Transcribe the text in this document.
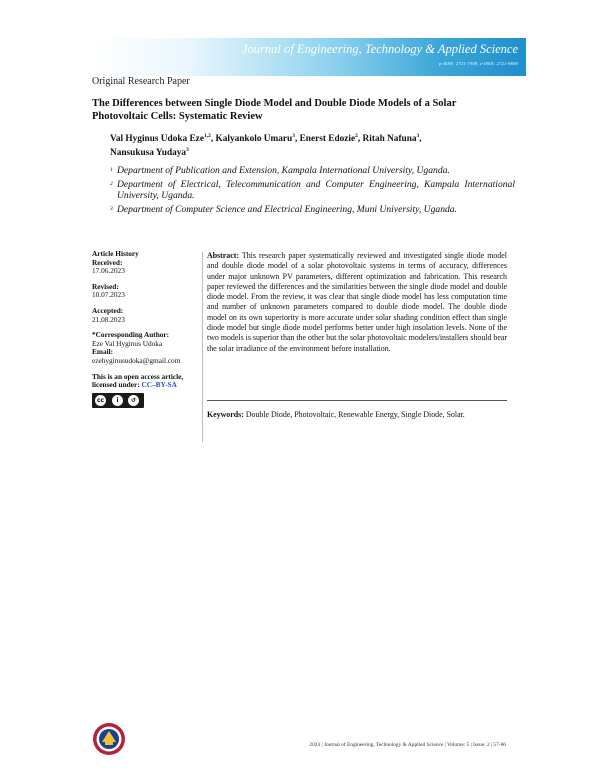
Journal of Engineering, Technology & Applied Science
p-ISSN: 2721-7949, e-ISSN: 2721-9690
Original Research Paper
The Differences between Single Diode Model and Double Diode Models of a Solar Photovoltaic Cells: Systematic Review
Val Hyginus Udoka Eze$^{1,2}$, Kalyankolo Umaru$^3$, Enerst Edozie$^2$, Ritah Nafuna$^3$,
Nansukusa Yudaya$^3$
1 Department of Publication and Extension, Kampala International University, Uganda.
2 Department of Electrical, Telecommunication and Computer Engineering, Kampala International University, Uganda.
3 Department of Computer Science and Electrical Engineering, Muni University, Uganda.
Article History
Received:
17.06.2023
Revised:
10.07.2023
Accepted:
21.08.2023
*Corresponding Author:
Eze Val Hyginus Udoka
Email:
ezehyginusudoka@gmail.com
This is an open access article, licensed under: CC–BY-SA
cc	i	↺
Abstract: This research paper systematically reviewed and investigated single diode model and double diode model of a solar photovoltaic systems in terms of accuracy, differences under major unknown PV parameters, different optimization and fabrication. This research paper reviewed the differences and the similarities between the single diode model and double diode model. From the review, it was clear that single diode model has less computation time and number of unknown parameters compared to double diode model. The double diode model on its own superiority is more accurate under solar shading condition effect than single diode model but single diode model performs better under high insolation levels. None of the two models is superior than the other but the solar photovoltaic modelers/installers should bear the solar irradiance of the environment before installation.
Keywords: Double Diode, Photovoltaic, Renewable Energy, Single Diode, Solar.
2023 | Journal of Engineering, Technology & Applied Science | Volume: 5 | Issue: 2 | 57-66
